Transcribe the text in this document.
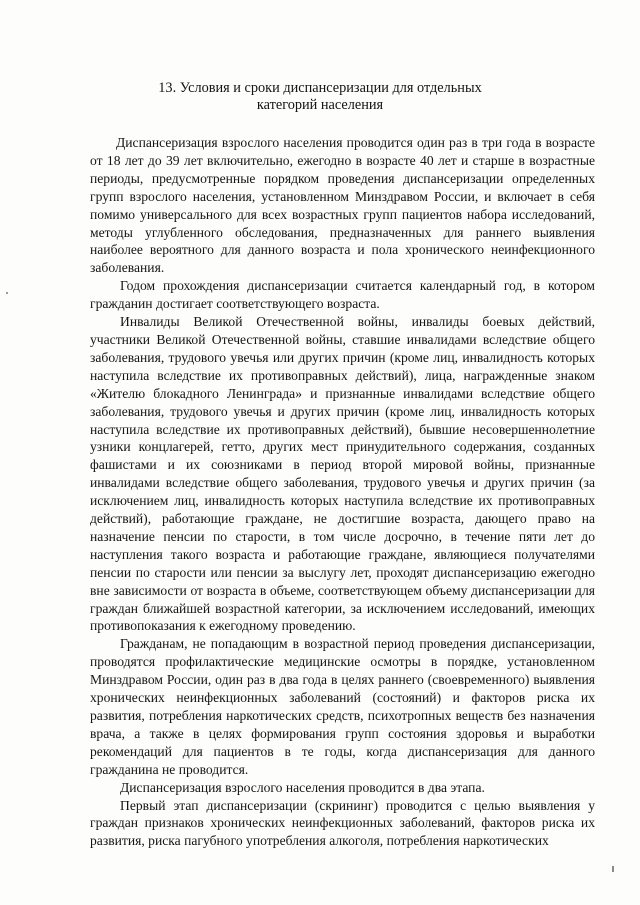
13. Условия и сроки диспансеризации для отдельных
категорий населения

Диспансеризация взрослого населения проводится один раз в три года в возрасте от 18 лет до 39 лет включительно, ежегодно в возрасте 40 лет и старше в возрастные периоды, предусмотренные порядком проведения диспансеризации определенных групп взрослого населения, установленном Минздравом России, и включает в себя помимо универсального для всех возрастных групп пациентов набора исследований, методы углубленного обследования, предназначенных для раннего выявления наиболее вероятного для данного возраста и пола хронического неинфекционного заболевания.

Годом прохождения диспансеризации считается календарный год, в котором гражданин достигает соответствующего возраста.

Инвалиды Великой Отечественной войны, инвалиды боевых действий, участники Великой Отечественной войны, ставшие инвалидами вследствие общего заболевания, трудового увечья или других причин (кроме лиц, инвалидность которых наступила вследствие их противоправных действий), лица, награжденные знаком «Жителю блокадного Ленинграда» и признанные инвалидами вследствие общего заболевания, трудового увечья и других причин (кроме лиц, инвалидность которых наступила вследствие их противоправных действий), бывшие несовершеннолетние узники концлагерей, гетто, других мест принудительного содержания, созданных фашистами и их союзниками в период второй мировой войны, признанные инвалидами вследствие общего заболевания, трудового увечья и других причин (за исключением лиц, инвалидность которых наступила вследствие их противоправных действий), работающие граждане, не достигшие возраста, дающего право на назначение пенсии по старости, в том числе досрочно, в течение пяти лет до наступления такого возраста и работающие граждане, являющиеся получателями пенсии по старости или пенсии за выслугу лет, проходят диспансеризацию ежегодно вне зависимости от возраста в объеме, соответствующем объему диспансеризации для граждан ближайшей возрастной категории, за исключением исследований, имеющих противопоказания к ежегодному проведению.

Гражданам, не попадающим в возрастной период проведения диспансеризации, проводятся профилактические медицинские осмотры в порядке, установленном Минздравом России, один раз в два года в целях раннего (своевременного) выявления хронических неинфекционных заболеваний (состояний) и факторов риска их развития, потребления наркотических средств, психотропных веществ без назначения врача, а также в целях формирования групп состояния здоровья и выработки рекомендаций для пациентов в те годы, когда диспансеризация для данного гражданина не проводится.

Диспансеризация взрослого населения проводится в два этапа.

Первый этап диспансеризации (скрининг) проводится с целью выявления у граждан признаков хронических неинфекционных заболеваний, факторов риска их развития, риска пагубного употребления алкоголя, потребления наркотических
